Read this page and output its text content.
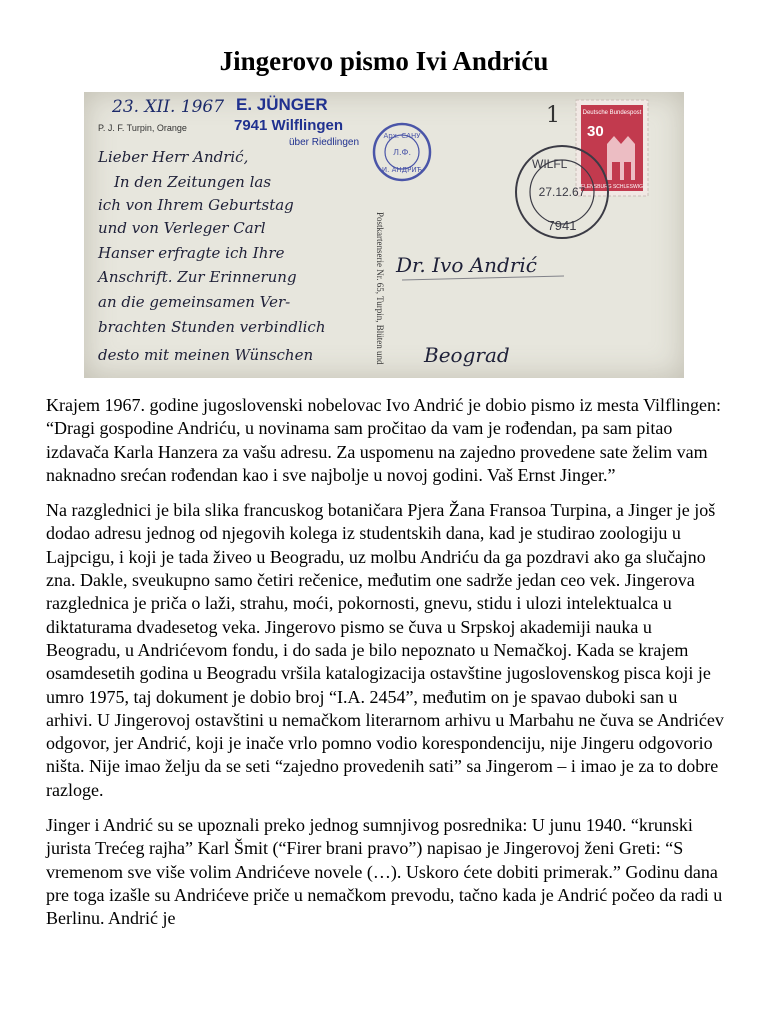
Jingerovo pismo Ivi Andriću
23. XII. 1967 E. JÜNGER
P. J. F. Turpin, Orange	7941 Wilflingen
über Riedlingen
Арх. САНУ
Л.Ф.
И. АНДРИЋ
Postkartenserie Nr. 65, Turpin, Blüten und
Lieber Herr Andrić,
In den Zeitungen las
ich von Ihrem Geburtstag
und von Verleger Carl
Hanser erfragte ich Ihre
Anschrift. Zur Erinnerung
an die gemeinsamen Ver-
brachten Stunden verbindlich
desto mit meinen Wünschen
1	Deutsche Bundespost
30
FLENSBURG SCHLESWIG
WILFL
27.12.67
7941
Dr. Ivo Andrić
Beograd

Krajem 1967. godine jugoslovenski nobelovac Ivo Andrić je dobio pismo iz mesta Vilflingen: “Dragi gospodine Andriću, u novinama sam pročitao da vam je rođendan, pa sam pitao izdavača Karla Hanzera za vašu adresu. Za uspomenu na zajedno provedene sate želim vam naknadno srećan rođendan kao i sve najbolje u novoj godini. Vaš Ernst Jinger.”

Na razglednici je bila slika francuskog botaničara Pjera Žana Fransoa Turpina, a Jinger je još dodao adresu jednog od njegovih kolega iz studentskih dana, kad je studirao zoologiju u Lajpcigu, i koji je tada živeo u Beogradu, uz molbu Andriću da ga pozdravi ako ga slučajno zna. Dakle, sveukupno samo četiri rečenice, međutim one sadrže jedan ceo vek. Jingerova razglednica je priča o laži, strahu, moći, pokornosti, gnevu, stidu i ulozi intelektualca u diktaturama dvadesetog veka. Jingerovo pismo se čuva u Srpskoj akademiji nauka u Beogradu, u Andrićevom fondu, i do sada je bilo nepoznato u Nemačkoj. Kada se krajem osamdesetih godina u Beogradu vršila katalogizacija ostavštine jugoslovenskog pisca koji je umro 1975, taj dokument je dobio broj “I.A. 2454”, međutim on je spavao duboki san u arhivi. U Jingerovoj ostavštini u nemačkom literarnom arhivu u Marbahu ne čuva se Andrićev odgovor, jer Andrić, koji je inače vrlo pomno vodio korespondenciju, nije Jingeru odgovorio ništa. Nije imao želju da se seti “zajedno provedenih sati” sa Jingerom – i imao je za to dobre razloge.

Jinger i Andrić su se upoznali preko jednog sumnjivog posrednika: U junu 1940. “krunski jurista Trećeg rajha” Karl Šmit (“Firer brani pravo”) napisao je Jingerovoj ženi Greti: “S vremenom sve više volim Andrićeve novele (…). Uskoro ćete dobiti primerak.” Godinu dana pre toga izašle su Andrićeve priče u nemačkom prevodu, tačno kada je Andrić počeo da radi u Berlinu. Andrić je
